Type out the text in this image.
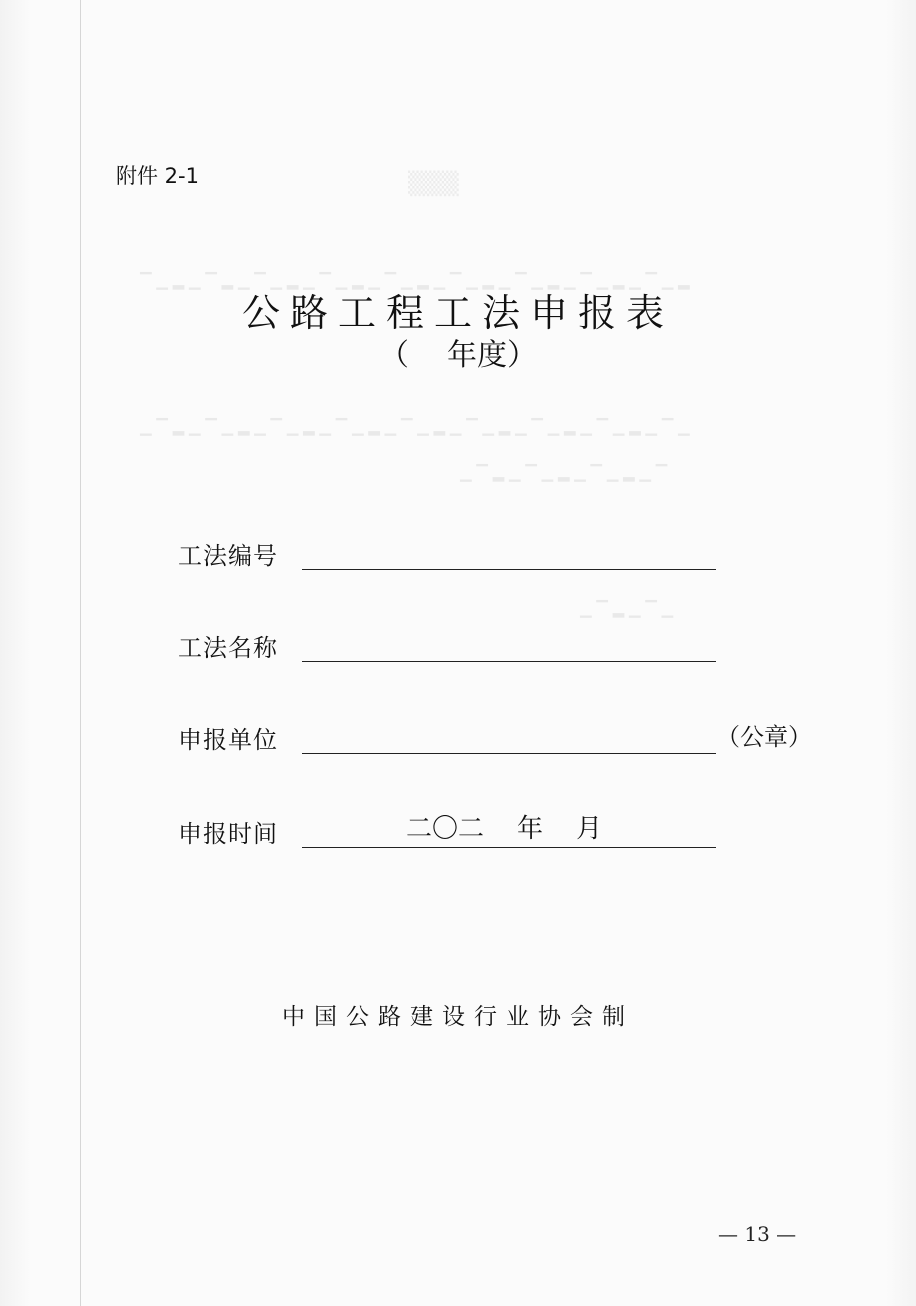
▒▒▒
▔ ▁ ▂ ▁ ▔ ▂ ▁ ▔ ▁ ▂ ▁ ▔ ▁ ▂ ▁ ▔ ▁ ▂ ▁ ▔ ▁ ▂ ▁ ▔ ▁ ▂ ▁ ▔ ▁ ▂ ▁ ▔ ▁ ▂
▁ ▔ ▂ ▁ ▔ ▁ ▂ ▁ ▔ ▁ ▂ ▁ ▔ ▁ ▂ ▁ ▔ ▁ ▂ ▁ ▔ ▁ ▂ ▁ ▔ ▁ ▂ ▁ ▔ ▁ ▂ ▁ ▔ ▁
▁ ▔ ▂ ▁ ▔ ▁ ▂ ▁ ▔ ▁ ▂ ▁ ▔
▁ ▔ ▂ ▁ ▔ ▁
附件 2-1
公路工程工法申报表
（ 年度）
工法编号
工法名称
申报单位	（公章）
申报时间	二〇二    年    月
中国公路建设行业协会制
— 13 —
